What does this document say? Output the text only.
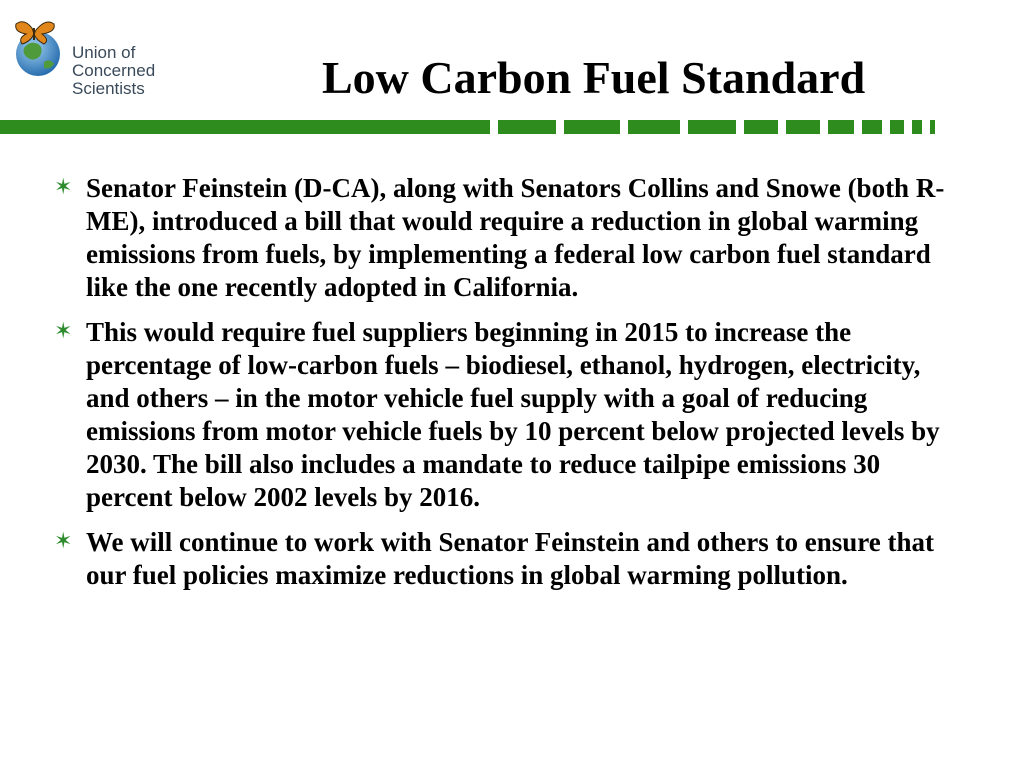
Union of
Concerned
Scientists	Low Carbon Fuel Standard
✶ Senator Feinstein (D-CA), along with Senators Collins and Snowe (both R-ME), introduced a bill that would require a reduction in global warming emissions from fuels, by implementing a federal low carbon fuel standard like the one recently adopted in California.
✶ This would require fuel suppliers beginning in 2015 to increase the percentage of low-carbon fuels – biodiesel, ethanol, hydrogen, electricity, and others – in the motor vehicle fuel supply with a goal of reducing emissions from motor vehicle fuels by 10 percent below projected levels by 2030. The bill also includes a mandate to reduce tailpipe emissions 30 percent below 2002 levels by 2016.
✶ We will continue to work with Senator Feinstein and others to ensure that our fuel policies maximize reductions in global warming pollution.
